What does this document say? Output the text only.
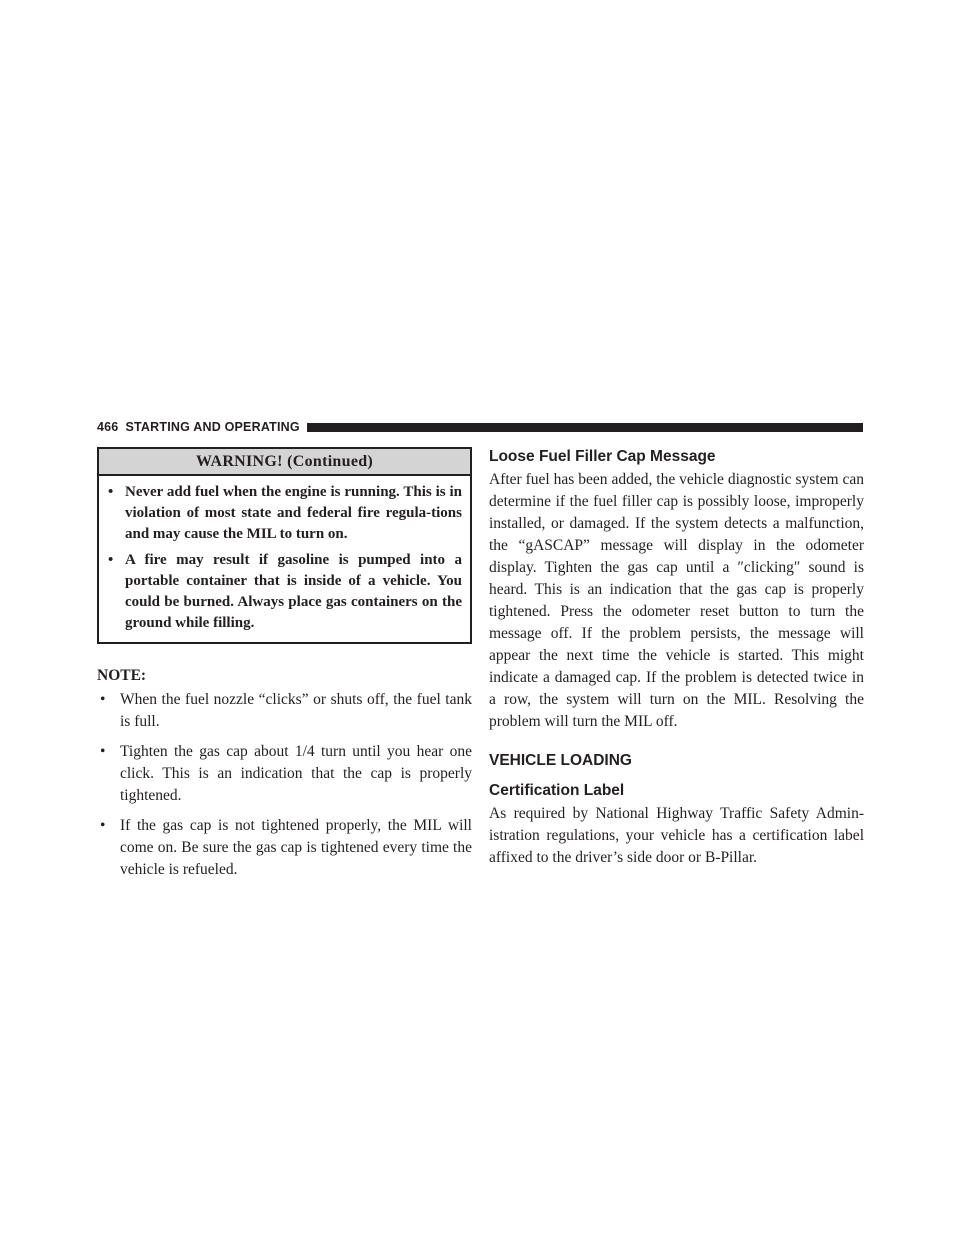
466 STARTING AND OPERATING
WARNING! (Continued)
• Never add fuel when the engine is running. This is in violation of most state and federal fire regula-tions and may cause the MIL to turn on.
• A fire may result if gasoline is pumped into a portable container that is inside of a vehicle. You could be burned. Always place gas containers on the ground while filling.
NOTE:
• When the fuel nozzle “clicks” or shuts off, the fuel tank is full.
• Tighten the gas cap about 1/4 turn until you hear one click. This is an indication that the cap is properly tightened.
• If the gas cap is not tightened properly, the MIL will come on. Be sure the gas cap is tightened every time the vehicle is refueled.
Loose Fuel Filler Cap Message

After fuel has been added, the vehicle diagnostic system can determine if the fuel filler cap is possibly loose, improperly installed, or damaged. If the system detects a malfunction, the “gASCAP” message will display in the odometer display. Tighten the gas cap until a ″clicking″ sound is heard. This is an indication that the gas cap is properly tightened. Press the odometer reset button to turn the message off. If the problem persists, the message will appear the next time the vehicle is started. This might indicate a damaged cap. If the problem is detected twice in a row, the system will turn on the MIL. Resolving the problem will turn the MIL off.

VEHICLE LOADING
Certification Label

As required by National Highway Traffic Safety Admin-istration regulations, your vehicle has a certification label affixed to the driver’s side door or B-Pillar.
